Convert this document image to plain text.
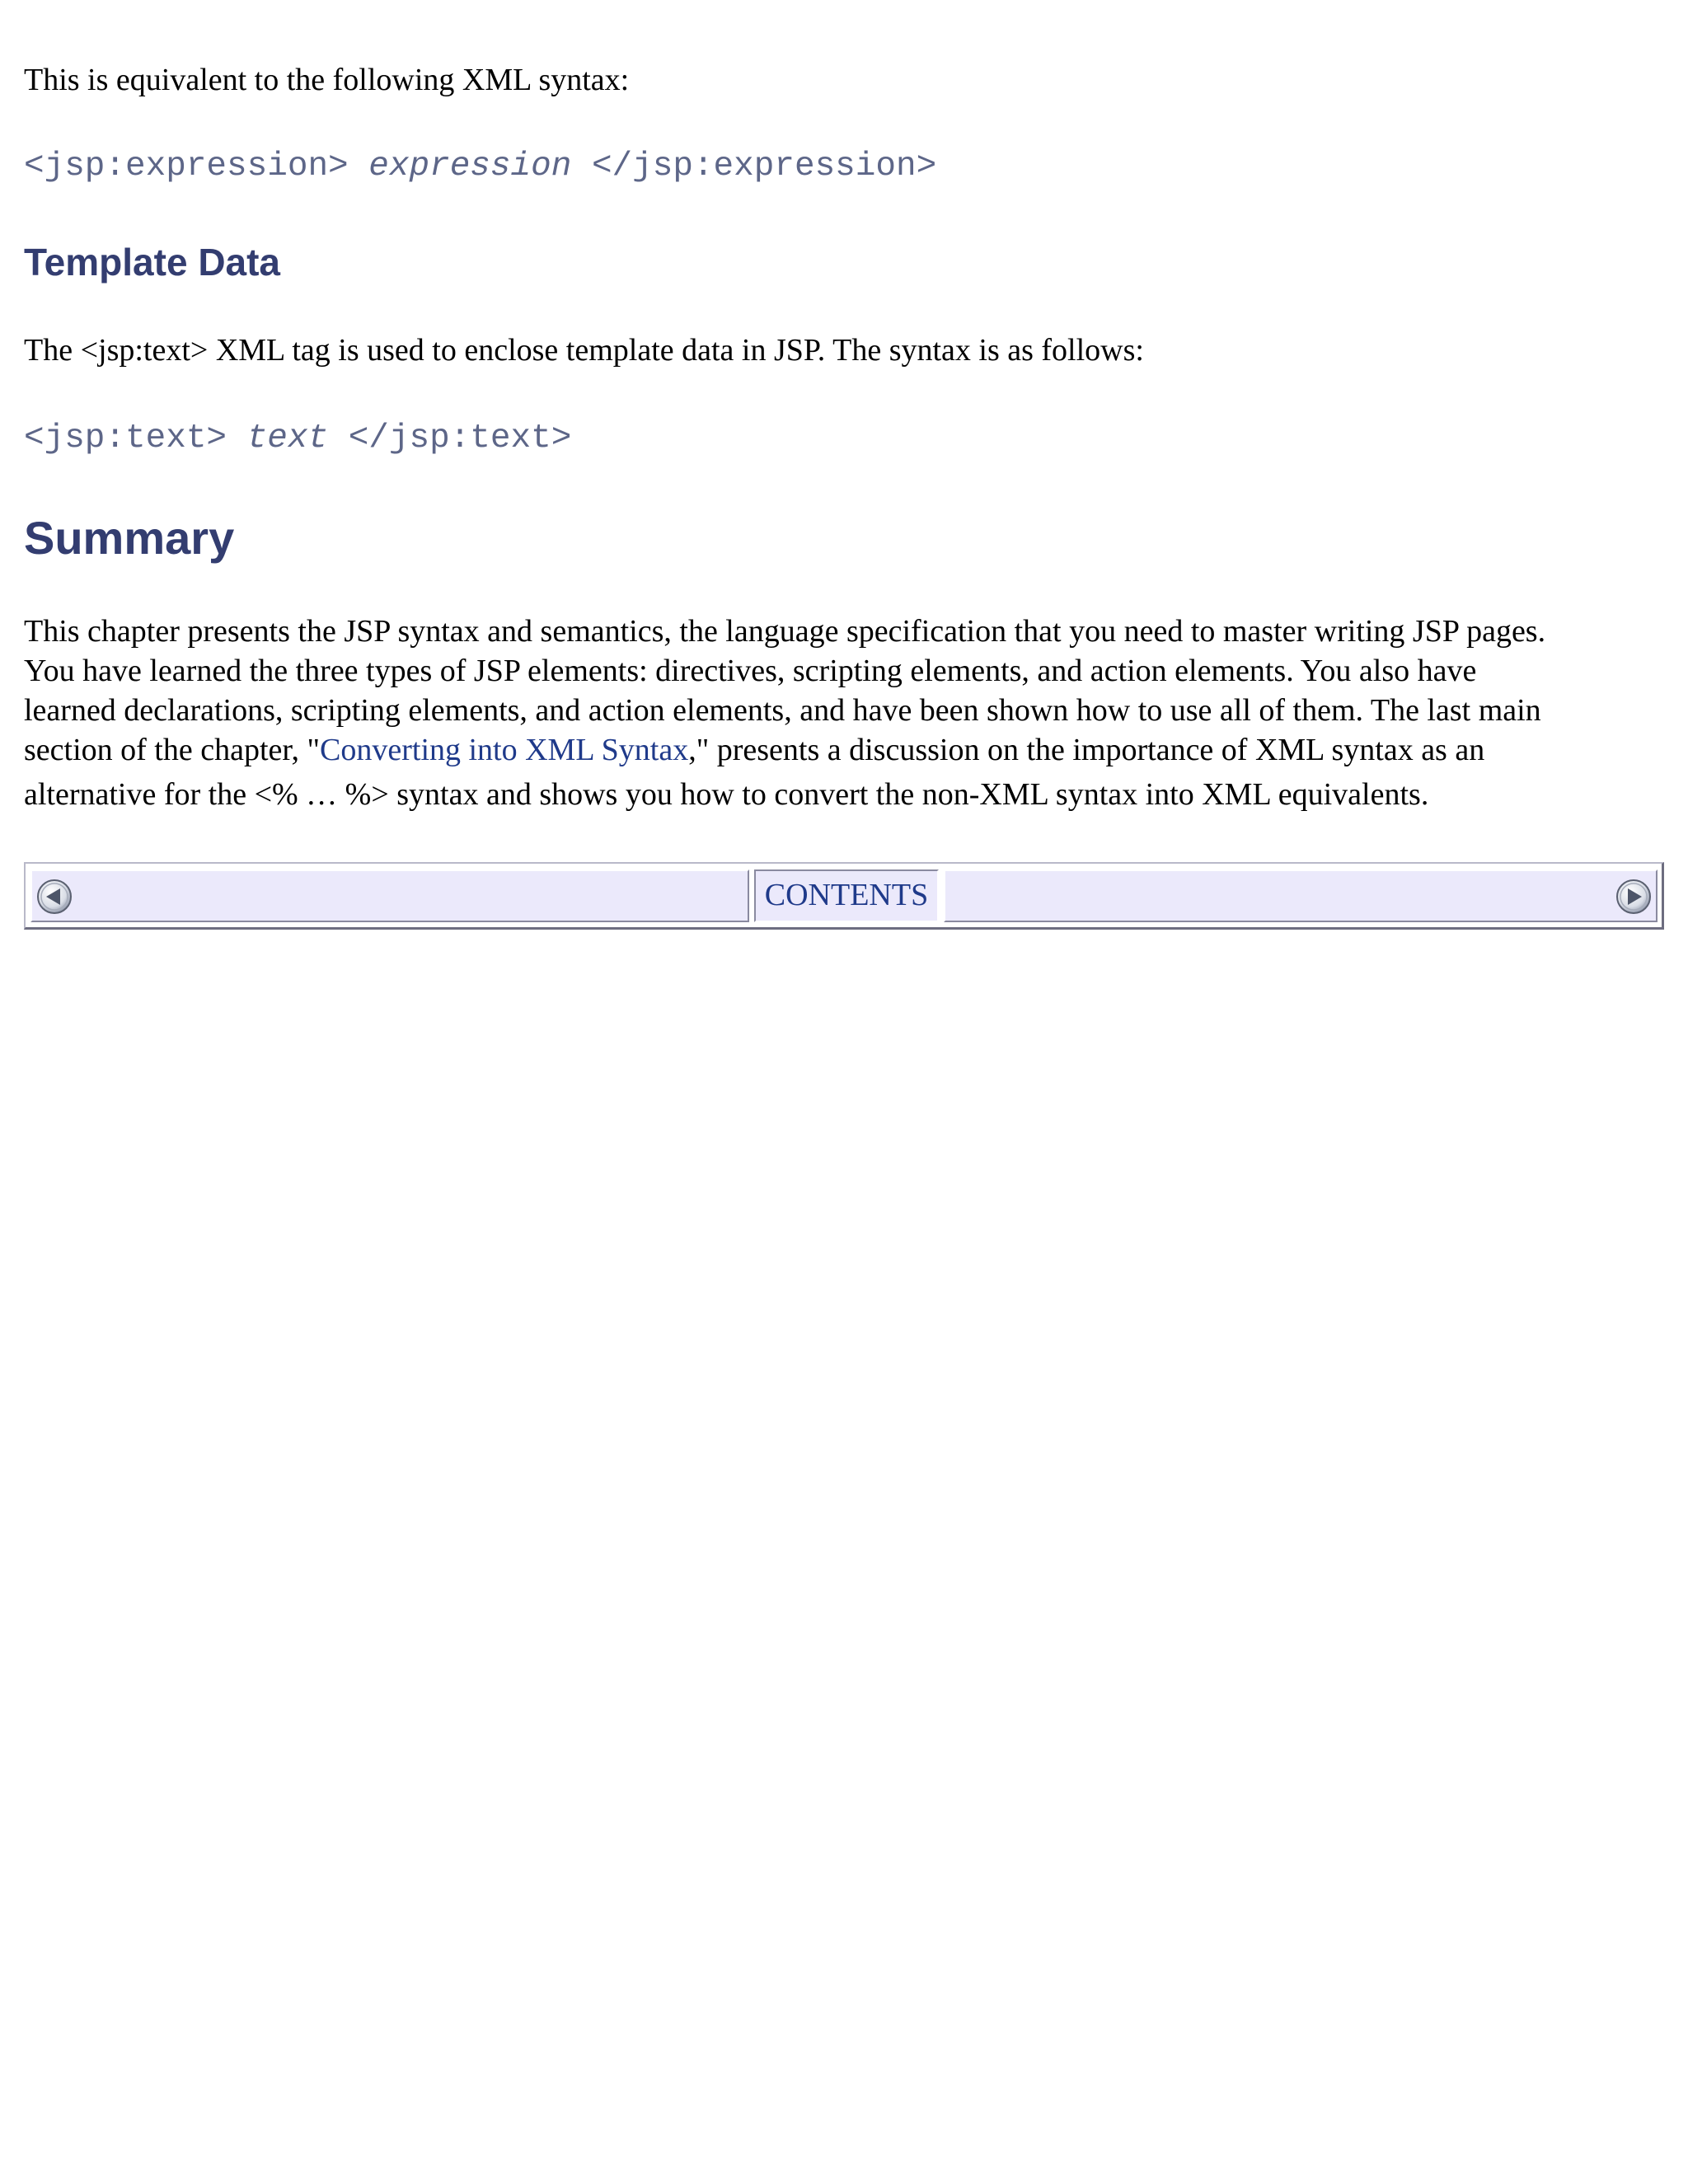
This is equivalent to the following XML syntax:

<jsp:expression> expression </jsp:expression>

Template Data

The <jsp:text> XML tag is used to enclose template data in JSP. The syntax is as follows:

<jsp:text> text </jsp:text>

Summary
This chapter presents the JSP syntax and semantics, the language specification that you need to master writing JSP pages.
You have learned the three types of JSP elements: directives, scripting elements, and action elements. You also have
learned declarations, scripting elements, and action elements, and have been shown how to use all of them. The last main
section of the chapter, "Converting into XML Syntax," presents a discussion on the importance of XML syntax as an
alternative for the <% … %> syntax and shows you how to convert the non-XML syntax into XML equivalents.
CONTENTS
